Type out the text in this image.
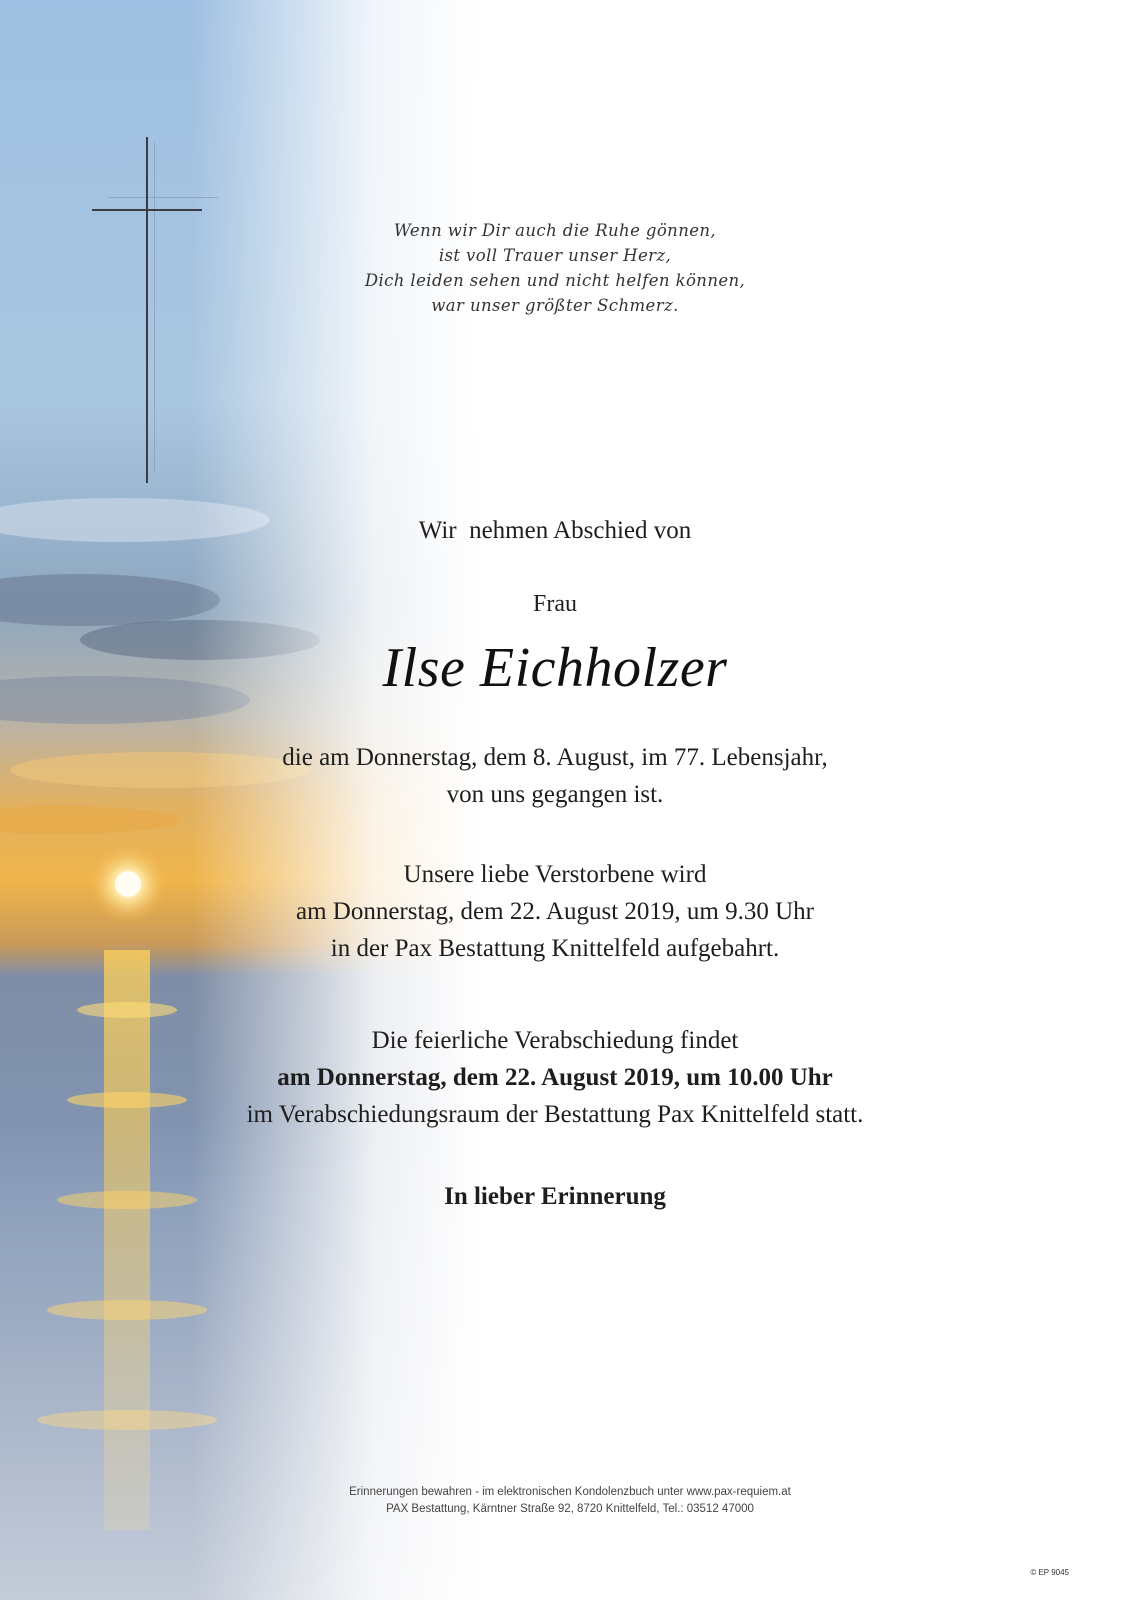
Wenn wir Dir auch die Ruhe gönnen,
ist voll Trauer unser Herz,
Dich leiden sehen und nicht helfen können,
war unser größter Schmerz.
Wir  nehmen Abschied von
Frau
Ilse Eichholzer
die am Donnerstag, dem 8. August, im 77. Lebensjahr,
von uns gegangen ist.
Unsere liebe Verstorbene wird
am Donnerstag, dem 22. August 2019, um 9.30 Uhr
in der Pax Bestattung Knittelfeld aufgebahrt.
Die feierliche Verabschiedung findet
am Donnerstag, dem 22. August 2019, um 10.00 Uhr
im Verabschiedungsraum der Bestattung Pax Knittelfeld statt.
In lieber Erinnerung
Erinnerungen bewahren - im elektronischen Kondolenzbuch unter www.pax-requiem.at
PAX Bestattung, Kärntner Straße 92, 8720 Knittelfeld, Tel.: 03512 47000
© EP 9045
